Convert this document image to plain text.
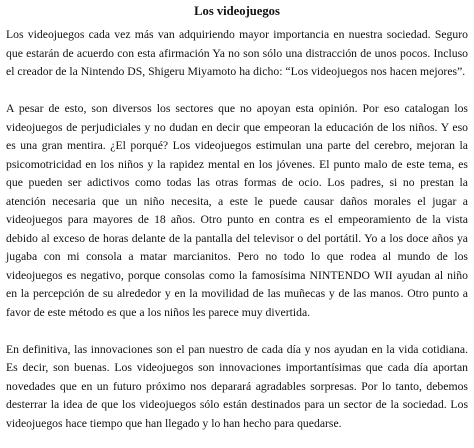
Los videojuegos

Los videojuegos cada vez más van adquiriendo mayor importancia en nuestra sociedad. Seguro que estarán de acuerdo con esta afirmación Ya no son sólo una distracción de unos pocos. Incluso el creador de la Nintendo DS, Shigeru Miyamoto ha dicho: “Los videojuegos nos hacen mejores”.

A pesar de esto, son diversos los sectores que no apoyan esta opinión. Por eso catalogan los videojuegos de perjudiciales y no dudan en decir que empeoran la educación de los niños. Y eso es una gran mentira. ¿El porqué? Los videojuegos estimulan una parte del cerebro, mejoran la psicomotricidad en los niños y la rapidez mental en los jóvenes. El punto malo de este tema, es que pueden ser adictivos como todas las otras formas de ocio. Los padres, si no prestan la atención necesaria que un niño necesita, a este le puede causar daños morales el jugar a videojuegos para mayores de 18 años. Otro punto en contra es el empeoramiento de la vista debido al exceso de horas delante de la pantalla del televisor o del portátil. Yo a los doce años ya jugaba con mi consola a matar marcianitos. Pero no todo lo que rodea al mundo de los videojuegos es negativo, porque consolas como la famosísima NINTENDO WII ayudan al niño en la percepción de su alrededor y en la movilidad de las muñecas y de las manos. Otro punto a favor de este método es que a los niños les parece muy divertida.

En definitiva, las innovaciones son el pan nuestro de cada día y nos ayudan en la vida cotidiana. Es decir, son buenas. Los videojuegos son innovaciones importantísimas que cada día aportan novedades que en un futuro próximo nos deparará agradables sorpresas. Por lo tanto, debemos desterrar la idea de que los videojuegos sólo están destinados para un sector de la sociedad. Los videojuegos hace tiempo que han llegado y lo han hecho para quedarse.
